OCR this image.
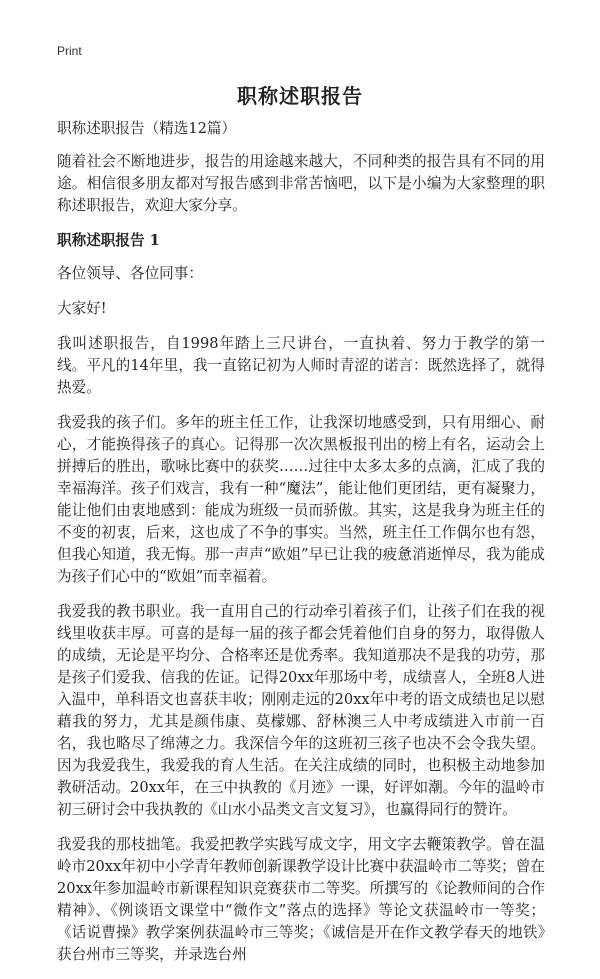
Print
职称述职报告

职称述职报告（精选12篇）

随着社会不断地进步，报告的用途越来越大，不同种类的报告具有不同的用途。相信很多朋友都对写报告感到非常苦恼吧，以下是小编为大家整理的职称述职报告，欢迎大家分享。

职称述职报告 1

各位领导、各位同事：

大家好!

我叫述职报告，自1998年踏上三尺讲台，一直执着、努力于教学的第一线。平凡的14年里，我一直铭记初为人师时青涩的诺言：既然选择了，就得热爱。

我爱我的孩子们。多年的班主任工作，让我深切地感受到，只有用细心、耐心，才能换得孩子的真心。记得那一次次黑板报刊出的榜上有名，运动会上拼搏后的胜出，歌咏比赛中的获奖……过往中太多太多的点滴，汇成了我的幸福海洋。孩子们戏言，我有一种“魔法”，能让他们更团结，更有凝聚力，能让他们由衷地感到：能成为班级一员而骄傲。其实，这是我身为班主任的不变的初衷，后来，这也成了不争的事实。当然，班主任工作偶尔也有怨，但我心知道，我无悔。那一声声“欧姐”早已让我的疲惫消逝惮尽，我为能成为孩子们心中的“欧姐”而幸福着。

我爱我的教书职业。我一直用自己的行动牵引着孩子们，让孩子们在我的视线里收获丰厚。可喜的是每一届的孩子都会凭着他们自身的努力，取得傲人的成绩，无论是平均分、合格率还是优秀率。我知道那决不是我的功劳，那是孩子们爱我、信我的佐证。记得20xx年那场中考，成绩喜人，全班8人进入温中，单科语文也喜获丰收；刚刚走远的20xx年中考的语文成绩也足以慰藉我的努力，尤其是颜伟康、莫檬娜、舒林澳三人中考成绩进入市前一百名，我也略尽了绵薄之力。我深信今年的这班初三孩子也决不会令我失望。因为我爱我生，我爱我的育人生活。在关注成绩的同时，也积极主动地参加教研活动。20xx年，在三中执教的《月迹》一课，好评如潮。今年的温岭市初三研讨会中我执教的《山水小品类文言文复习》，也赢得同行的赞许。

我爱我的那枝拙笔。我爱把教学实践写成文字，用文字去鞭策教学。曾在温岭市20xx年初中小学青年教师创新课教学设计比赛中获温岭市二等奖；曾在20xx年参加温岭市新课程知识竞赛获市二等奖。所撰写的《论教师间的合作精神》、《例谈语文课堂中“微作文”落点的选择》等论文获温岭市一等奖；《话说曹操》教学案例获温岭市三等奖；《诚信是开在作文教学春天的地铁》获台州市三等奖，并录选台州
